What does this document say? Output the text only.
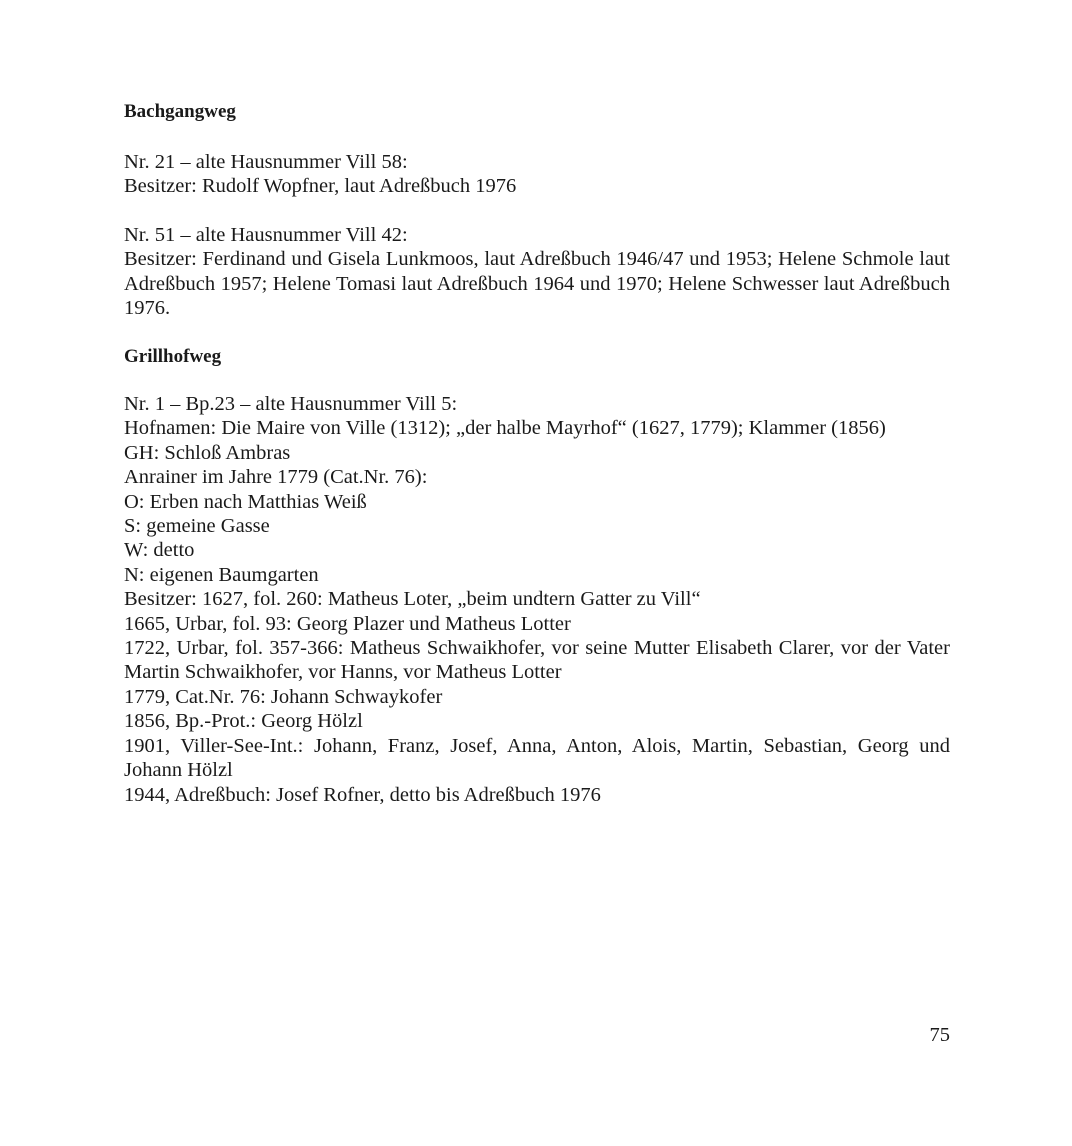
Bachgangweg
Nr. 21 – alte Hausnummer Vill 58:
Besitzer: Rudolf Wopfner, laut Adreßbuch 1976
Nr. 51 – alte Hausnummer Vill 42:
Besitzer: Ferdinand und Gisela Lunkmoos, laut Adreßbuch 1946/47 und 1953; Helene Schmole laut Adreßbuch 1957; Helene Tomasi laut Adreßbuch 1964 und 1970; Helene Schwesser laut Adreßbuch 1976.
Grillhofweg
Nr. 1 – Bp.23 – alte Hausnummer Vill 5:
Hofnamen: Die Maire von Ville (1312); „der halbe Mayrhof“ (1627, 1779); Klammer (1856)
GH: Schloß Ambras
Anrainer im Jahre 1779 (Cat.Nr. 76):
O: Erben nach Matthias Weiß
S: gemeine Gasse
W: detto
N: eigenen Baumgarten
Besitzer: 1627, fol. 260: Matheus Loter, „beim undtern Gatter zu Vill“
1665, Urbar, fol. 93: Georg Plazer und Matheus Lotter
1722, Urbar, fol. 357-366: Matheus Schwaikhofer, vor seine Mutter Elisabeth Clarer, vor der Vater Martin Schwaikhofer, vor Hanns, vor Matheus Lotter
1779, Cat.Nr. 76: Johann Schwaykofer
1856, Bp.-Prot.: Georg Hölzl
1901, Viller-See-Int.: Johann, Franz, Josef, Anna, Anton, Alois, Martin, Sebastian, Georg und Johann Hölzl
1944, Adreßbuch: Josef Rofner, detto bis Adreßbuch 1976

75
